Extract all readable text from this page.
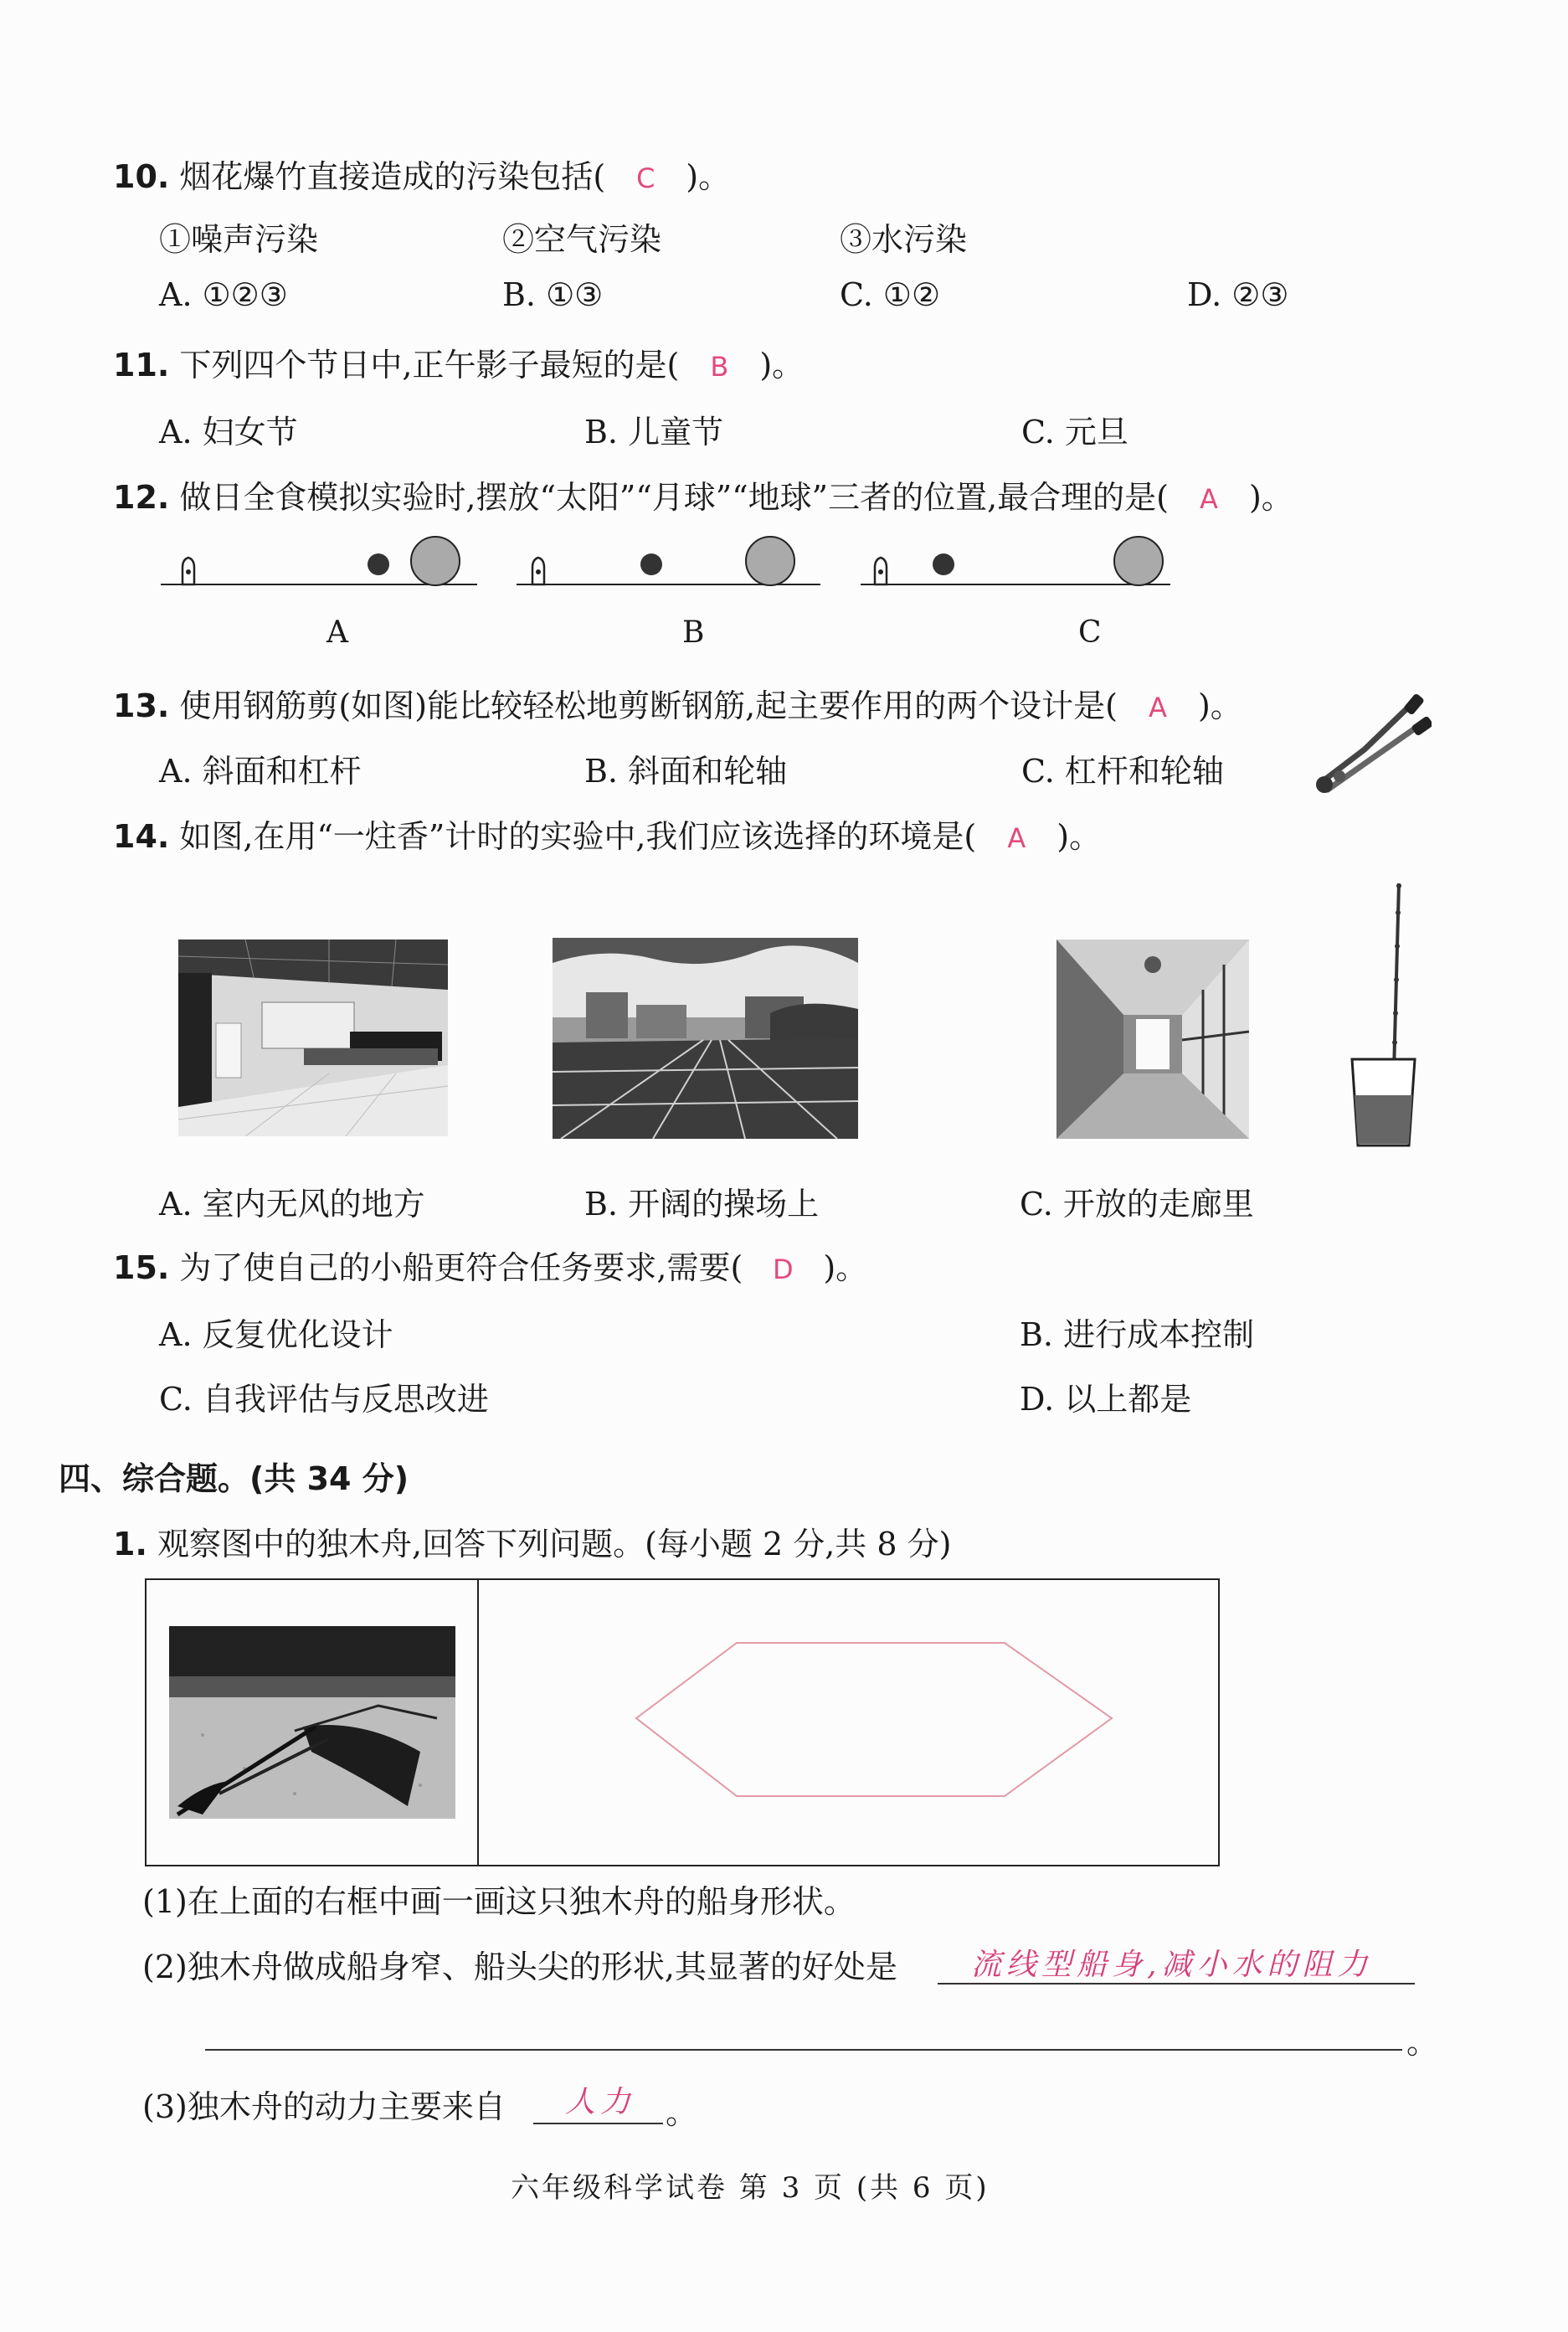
10. 烟花爆竹直接造成的污染包括( C )。
①噪声污染	②空气污染	③水污染
A. ①②③	B. ①③	C. ①②	D. ②③
11. 下列四个节日中,正午影子最短的是( B )。
A. 妇女节	B. 儿童节	C. 元旦
12. 做日全食模拟实验时,摆放“太阳”“月球”“地球”三者的位置,最合理的是( A )。
A	B	C
13. 使用钢筋剪(如图)能比较轻松地剪断钢筋,起主要作用的两个设计是( A )。
A. 斜面和杠杆	B. 斜面和轮轴	C. 杠杆和轮轴
14. 如图,在用“一炷香”计时的实验中,我们应该选择的环境是( A )。
A. 室内无风的地方	B. 开阔的操场上	C. 开放的走廊里
15. 为了使自己的小船更符合任务要求,需要( D )。
A. 反复优化设计	B. 进行成本控制
C. 自我评估与反思改进	D. 以上都是
四、综合题。(共 34 分)
1. 观察图中的独木舟,回答下列问题。(每小题 2 分,共 8 分)
(1)在上面的右框中画一画这只独木舟的船身形状。
(2)独木舟做成船身窄、船头尖的形状,其显著的好处是 流线型船身,减小水的阻力
。
(3)独木舟的动力主要来自 人力 。
六年级科学试卷 第 3 页 (共 6 页)
